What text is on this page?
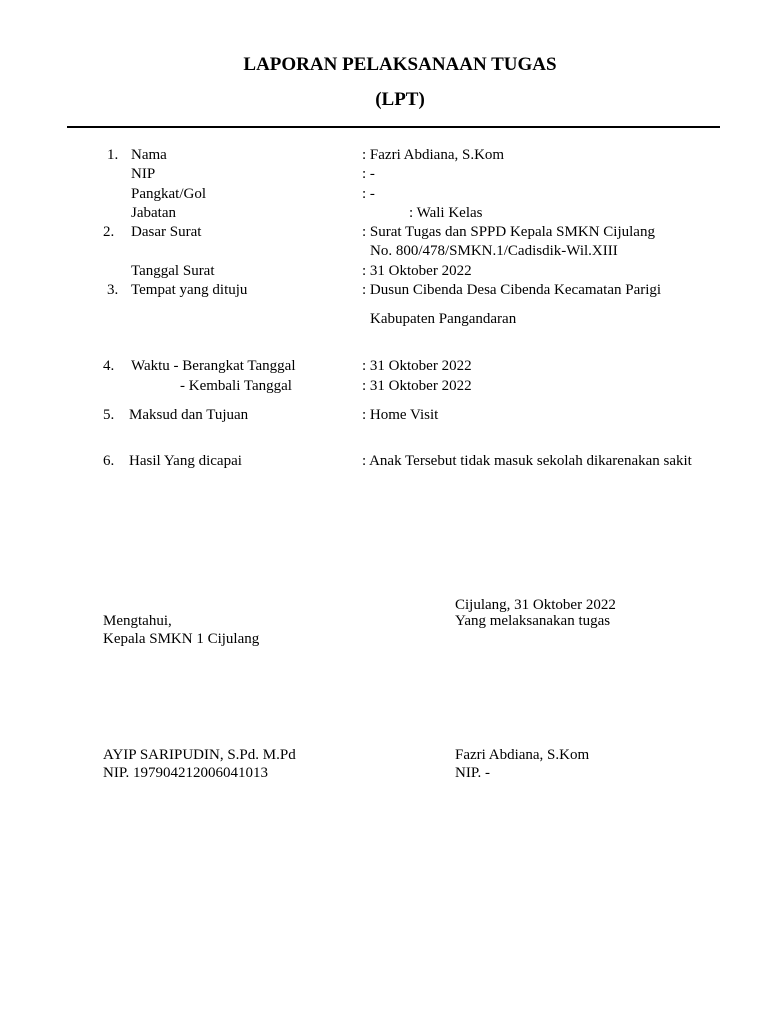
LAPORAN PELAKSANAAN TUGAS
(LPT)
1. Nama	: Fazri Abdiana, S.Kom
NIP	: -
Pangkat/Gol	: -
Jabatan	: Wali Kelas
2. Dasar Surat	: Surat Tugas dan SPPD Kepala SMKN Cijulang
No. 800/478/SMKN.1/Cadisdik-Wil.XIII
Tanggal Surat	: 31 Oktober 2022
3. Tempat yang dituju	: Dusun Cibenda Desa Cibenda Kecamatan Parigi
Kabupaten Pangandaran
4. Waktu - Berangkat Tanggal	: 31 Oktober 2022
- Kembali Tanggal	: 31 Oktober 2022
5. Maksud dan Tujuan	: Home Visit
6. Hasil Yang dicapai	: Anak Tersebut tidak masuk sekolah dikarenakan sakit
Cijulang, 31 Oktober 2022
Mengtahui,	Yang melaksanakan tugas
Kepala SMKN 1 Cijulang
AYIP SARIPUDIN, S.Pd. M.Pd	Fazri Abdiana, S.Kom
NIP. 197904212006041013	NIP. -
